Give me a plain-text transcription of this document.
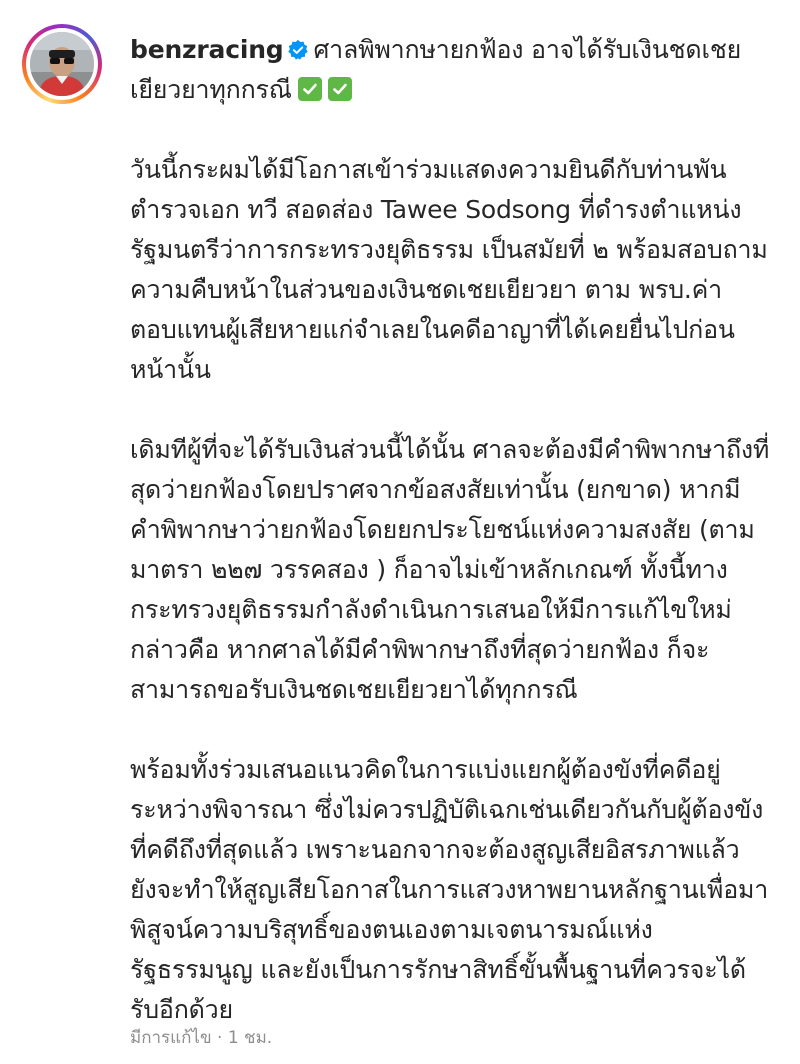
benzracing ศาลพิพากษายกฟ้อง อาจได้รับเงินชดเชยเยียวยาทุกกรณี
วันนี้กระผมได้มีโอกาสเข้าร่วมแสดงความยินดีกับท่านพันตำรวจเอก ทวี สอดส่อง Tawee Sodsong ที่ดำรงตำแหน่งรัฐมนตรีว่าการกระทรวงยุติธรรม เป็นสมัยที่ ๒ พร้อมสอบถามความคืบหน้าในส่วนของเงินชดเชยเยียวยา ตาม พรบ.ค่าตอบแทนผู้เสียหายแก่จำเลยในคดีอาญาที่ได้เคยยื่นไปก่อนหน้านั้น
เดิมทีผู้ที่จะได้รับเงินส่วนนี้ได้นั้น ศาลจะต้องมีคำพิพากษาถึงที่สุดว่ายกฟ้องโดยปราศจากข้อสงสัยเท่านั้น (ยกขาด) หากมีคำพิพากษาว่ายกฟ้องโดยยกประโยชน์แห่งความสงสัย (ตามมาตรา ๒๒๗ วรรคสอง ) ก็อาจไม่เข้าหลักเกณฑ์ ทั้งนี้ทางกระทรวงยุติธรรมกำลังดำเนินการเสนอให้มีการแก้ไขใหม่ กล่าวคือ หากศาลได้มีคำพิพากษาถึงที่สุดว่ายกฟ้อง ก็จะสามารถขอรับเงินชดเชยเยียวยาได้ทุกกรณี
พร้อมทั้งร่วมเสนอแนวคิดในการแบ่งแยกผู้ต้องขังที่คดีอยู่ระหว่างพิจารณา ซึ่งไม่ควรปฏิบัติเฉกเช่นเดียวกันกับผู้ต้องขังที่คดีถึงที่สุดแล้ว เพราะนอกจากจะต้องสูญเสียอิสรภาพแล้ว ยังจะทำให้สูญเสียโอกาสในการแสวงหาพยานหลักฐานเพื่อมาพิสูจน์ความบริสุทธิ์ของตนเองตามเจตนารมณ์แห่งรัฐธรรมนูญ และยังเป็นการรักษาสิทธิ์ขั้นพื้นฐานที่ควรจะได้รับอีกด้วย
มีการแก้ไข · 1 ชม.
